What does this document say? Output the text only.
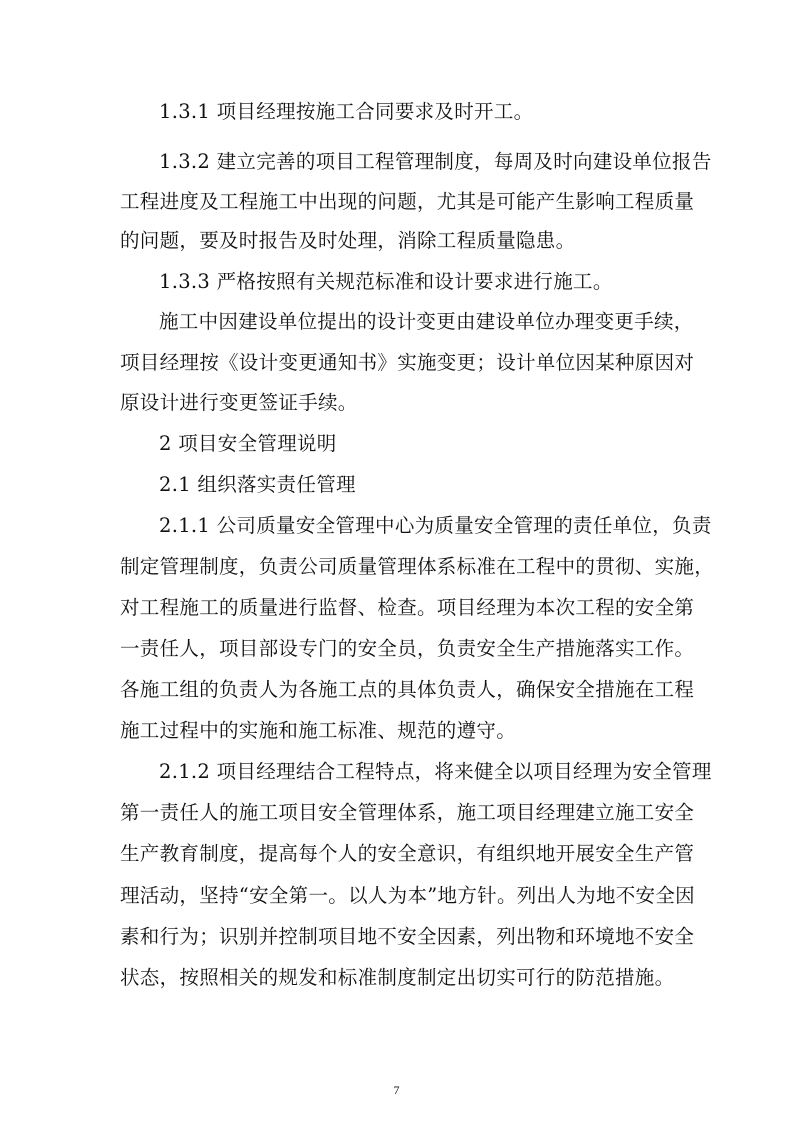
1.3.1 项目经理按施工合同要求及时开工。
1.3.2 建立完善的项目工程管理制度，每周及时向建设单位报告
工程进度及工程施工中出现的问题，尤其是可能产生影响工程质量
的问题，要及时报告及时处理，消除工程质量隐患。
1.3.3 严格按照有关规范标准和设计要求进行施工。
施工中因建设单位提出的设计变更由建设单位办理变更手续，
项目经理按《设计变更通知书》实施变更；设计单位因某种原因对
原设计进行变更签证手续。
2 项目安全管理说明
2.1 组织落实责任管理
2.1.1 公司质量安全管理中心为质量安全管理的责任单位，负责
制定管理制度，负责公司质量管理体系标准在工程中的贯彻、实施，
对工程施工的质量进行监督、检查。项目经理为本次工程的安全第
一责任人，项目部设专门的安全员，负责安全生产措施落实工作。
各施工组的负责人为各施工点的具体负责人，确保安全措施在工程
施工过程中的实施和施工标准、规范的遵守。
2.1.2 项目经理结合工程特点，将来健全以项目经理为安全管理
第一责任人的施工项目安全管理体系，施工项目经理建立施工安全
生产教育制度，提高每个人的安全意识，有组织地开展安全生产管
理活动，坚持“安全第一。以人为本”地方针。列出人为地不安全因
素和行为；识别并控制项目地不安全因素，列出物和环境地不安全
状态，按照相关的规发和标准制度制定出切实可行的防范措施。
7
